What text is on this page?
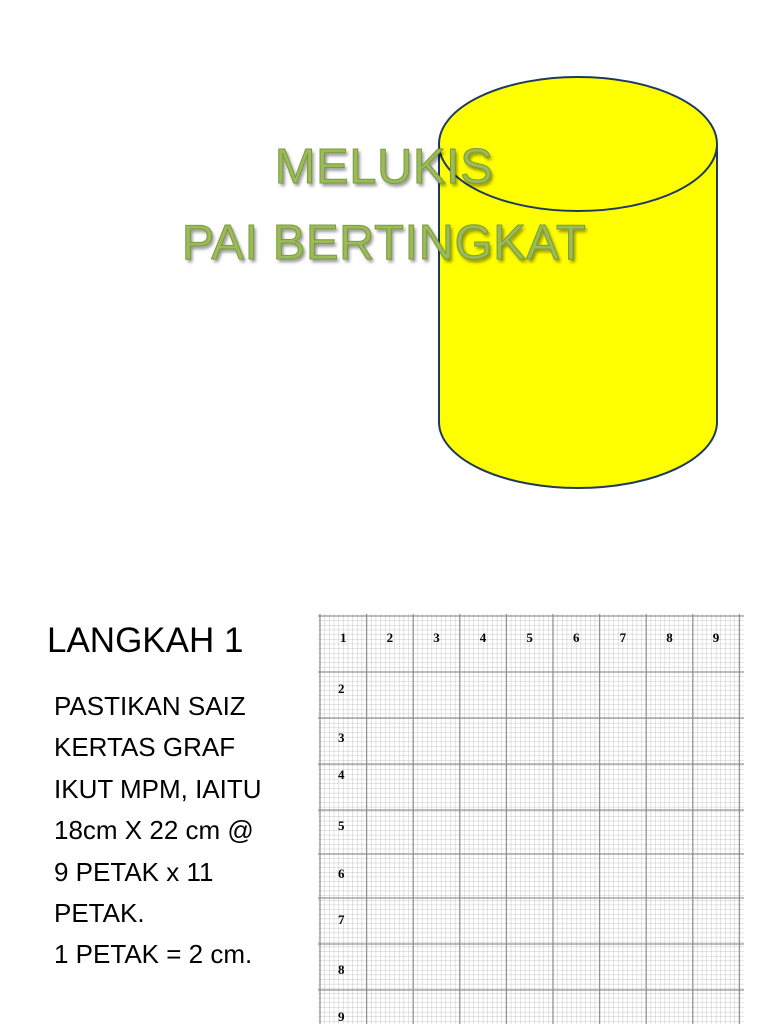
MELUKIS
PAI BERTINGKAT
LANGKAH 1
PASTIKAN SAIZ
KERTAS GRAF
IKUT MPM, IAITU
18cm X 22 cm @
9 PETAK x 11
PETAK.
1 PETAK = 2 cm.
1	2	3	4	5	6	7	8	9
2
3
4
5
6
7
8
9
